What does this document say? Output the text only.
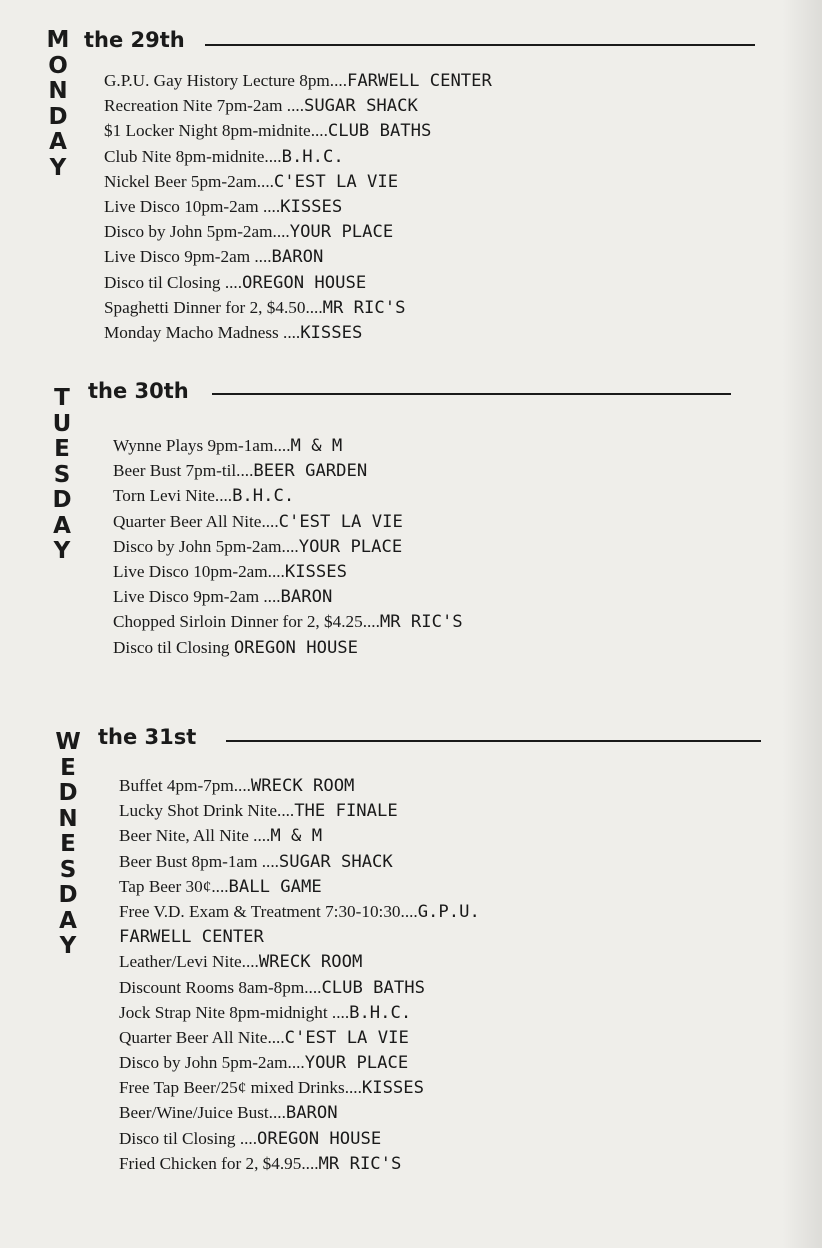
M
O
N
D
A
Y
the 29th
G.P.U. Gay History Lecture 8pm....FARWELL CENTER
Recreation Nite 7pm-2am ....SUGAR SHACK
$1 Locker Night 8pm-midnite....CLUB BATHS
Club Nite 8pm-midnite....B.H.C.
Nickel Beer 5pm-2am....C'EST LA VIE
Live Disco 10pm-2am ....KISSES
Disco by John 5pm-2am....YOUR PLACE
Live Disco 9pm-2am ....BARON
Disco til Closing ....OREGON HOUSE
Spaghetti Dinner for 2, $4.50....MR RIC'S
Monday Macho Madness ....KISSES
T
U
E
S
D
A
Y
the 30th
Wynne Plays 9pm-1am....M & M
Beer Bust 7pm-til....BEER GARDEN
Torn Levi Nite....B.H.C.
Quarter Beer All Nite....C'EST LA VIE
Disco by John 5pm-2am....YOUR PLACE
Live Disco 10pm-2am....KISSES
Live Disco 9pm-2am ....BARON
Chopped Sirloin Dinner for 2, $4.25....MR RIC'S
Disco til Closing OREGON HOUSE
W
E
D
N
E
S
D
A
Y
the 31st
Buffet 4pm-7pm....WRECK ROOM
Lucky Shot Drink Nite....THE FINALE
Beer Nite, All Nite ....M & M
Beer Bust 8pm-1am ....SUGAR SHACK
Tap Beer 30¢....BALL GAME
Free V.D. Exam & Treatment 7:30-10:30....G.P.U.
FARWELL CENTER
Leather/Levi Nite....WRECK ROOM
Discount Rooms 8am-8pm....CLUB BATHS
Jock Strap Nite 8pm-midnight ....B.H.C.
Quarter Beer All Nite....C'EST LA VIE
Disco by John 5pm-2am....YOUR PLACE
Free Tap Beer/25¢ mixed Drinks....KISSES
Beer/Wine/Juice Bust....BARON
Disco til Closing ....OREGON HOUSE
Fried Chicken for 2, $4.95....MR RIC'S
